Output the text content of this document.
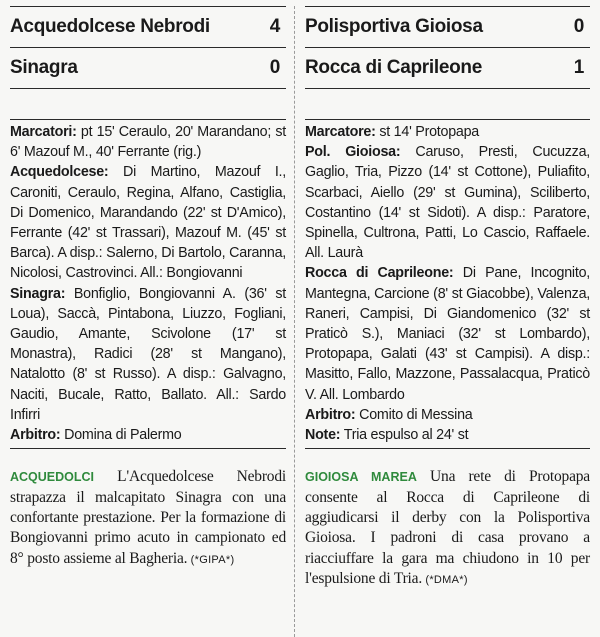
Acquedolcese Nebrodi	4
Sinagra	0

Marcatori: pt 15' Ceraulo, 20' Marandano; st 6' Mazouf M., 40' Ferrante (rig.)

Acquedolcese: Di Martino, Mazouf I., Caroniti, Ceraulo, Regina, Alfano, Castiglia, Di Domenico, Marandando (22' st D'Amico), Ferrante (42' st Trassari), Mazouf M. (45' st Barca). A disp.: Salerno, Di Bartolo, Caranna, Nicolosi, Castrovinci. All.: Bongiovanni

Sinagra: Bonfiglio, Bongiovanni A. (36' st Loua), Saccà, Pintabona, Liuzzo, Fogliani, Gaudio, Amante, Scivolone (17' st Monastra), Radici (28' st Mangano), Natalotto (8' st Russo). A disp.: Galvagno, Naciti, Bucale, Ratto, Ballato. All.: Sardo Infirri

Arbitro: Domina di Palermo

ACQUEDOLCI L'Acquedolcese Nebrodi strapazza il malcapitato Sinagra con una confortante prestazione. Per la formazione di Bongiovanni primo acuto in campionato ed 8° posto assieme al Bagheria. (*GIPA*)

Polisportiva Gioiosa	0
Rocca di Caprileone	1

Marcatore: st 14' Protopapa

Pol. Gioiosa: Caruso, Presti, Cucuzza, Gaglio, Tria, Pizzo (14' st Cottone), Puliafito, Scarbaci, Aiello (29' st Gumina), Sciliberto, Costantino (14' st Sidoti). A disp.: Paratore, Spinella, Cultrona, Patti, Lo Cascio, Raffaele. All. Laurà

Rocca di Caprileone: Di Pane, Incognito, Mantegna, Carcione (8' st Giacobbe), Valenza, Raneri, Campisi, Di Giandomenico (32' st Praticò S.), Maniaci (32' st Lombardo), Protopapa, Galati (43' st Campisi). A disp.: Masitto, Fallo, Mazzone, Passalacqua, Praticò V. All. Lombardo

Arbitro: Comito di Messina

Note: Tria espulso al 24' st

GIOIOSA MAREA Una rete di Protopapa consente al Rocca di Caprileone di aggiudicarsi il derby con la Polisportiva Gioiosa. I padroni di casa provano a riacciuffare la gara ma chiudono in 10 per l'espulsione di Tria. (*DMA*)
